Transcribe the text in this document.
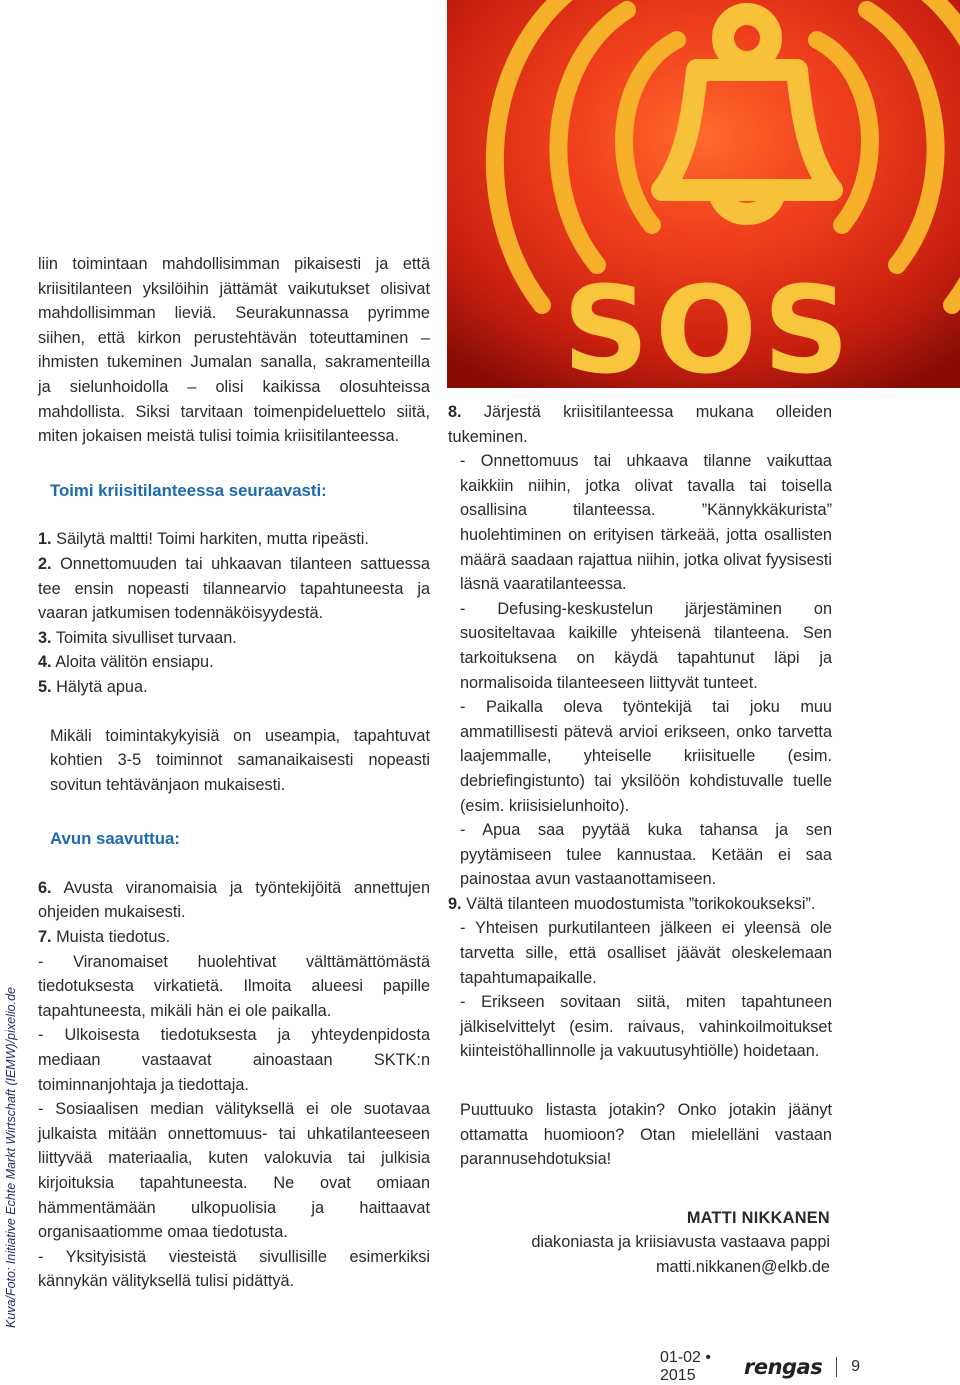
SOS
Kuva/Foto: Initiative Echte Markt Wirtschaft (IEMW)/pixelio.de

liin toimintaan mahdollisimman pikaisesti ja että kriisitilanteen yksilöihin jättämät vaikutukset olisivat mahdollisimman lieviä. Seurakunnassa pyrimme siihen, että kirkon perustehtävän toteuttaminen – ihmisten tukeminen Jumalan sanalla, sakramenteilla ja sielunhoidolla – olisi kaikissa olosuhteissa mahdollista. Siksi tarvitaan toimenpideluettelo siitä, miten jokaisen meistä tulisi toimia kriisitilanteessa.

Toimi kriisitilanteessa seuraavasti:

1. Säilytä maltti! Toimi harkiten, mutta ripeästi.

2. Onnettomuuden tai uhkaavan tilanteen sattuessa tee ensin nopeasti tilannearvio tapahtuneesta ja vaaran jatkumisen todennäköisyydestä.

3. Toimita sivulliset turvaan.

4. Aloita välitön ensiapu.

5. Hälytä apua.

Mikäli toimintakykyisiä on useampia, tapahtuvat kohtien 3-5 toiminnot samanaikaisesti nopeasti sovitun tehtävänjaon mukaisesti.

Avun saavuttua:

6. Avusta viranomaisia ja työntekijöitä annettujen ohjeiden mukaisesti.

7. Muista tiedotus.

- Viranomaiset huolehtivat välttämättömästä tiedotuksesta virkatietä. Ilmoita alueesi papille tapahtuneesta, mikäli hän ei ole paikalla.

- Ulkoisesta tiedotuksesta ja yhteydenpidosta mediaan vastaavat ainoastaan SKTK:n toiminnanjohtaja ja tiedottaja.

- Sosiaalisen median välityksellä ei ole suotavaa julkaista mitään onnettomuus- tai uhkatilanteeseen liittyvää materiaalia, kuten valokuvia tai julkisia kirjoituksia tapahtuneesta. Ne ovat omiaan hämmentämään ulkopuolisia ja haittaavat organisaatiomme omaa tiedotusta.

- Yksityisistä viesteistä sivullisille esimerkiksi kännykän välityksellä tulisi pidättyä.

8. Järjestä kriisitilanteessa mukana olleiden tukeminen.

- Onnettomuus tai uhkaava tilanne vaikuttaa kaikkiin niihin, jotka olivat tavalla tai toisella osallisina tilanteessa. ”Kännykkäkurista” huolehtiminen on erityisen tärkeää, jotta osallisten määrä saadaan rajattua niihin, jotka olivat fyysisesti läsnä vaaratilanteessa.

- Defusing-keskustelun järjestäminen on suositeltavaa kaikille yhteisenä tilanteena. Sen tarkoituksena on käydä tapahtunut läpi ja normalisoida tilanteeseen liittyvät tunteet.

- Paikalla oleva työntekijä tai joku muu ammatillisesti pätevä arvioi erikseen, onko tarvetta laajemmalle, yhteiselle kriisituelle (esim. debriefingistunto) tai yksilöön kohdistuvalle tuelle (esim. kriisisielunhoito).

- Apua saa pyytää kuka tahansa ja sen pyytämiseen tulee kannustaa. Ketään ei saa painostaa avun vastaanottamiseen.

9. Vältä tilanteen muodostumista ”torikokoukseksi”.

- Yhteisen purkutilanteen jälkeen ei yleensä ole tarvetta sille, että osalliset jäävät oleskelemaan tapahtumapaikalle.

- Erikseen sovitaan siitä, miten tapahtuneen jälkiselvittelyt (esim. raivaus, vahinkoilmoitukset kiinteistöhallinnolle ja vakuutusyhtiölle) hoidetaan.

Puuttuuko listasta jotakin? Onko jotakin jäänyt ottamatta huomioon? Otan mielelläni vastaan parannusehdotuksia!

MATTI NIKKANEN

diakoniasta ja kriisiavusta vastaava pappi

matti.nikkanen@elkb.de

01-02 • 2015	rengas 9
